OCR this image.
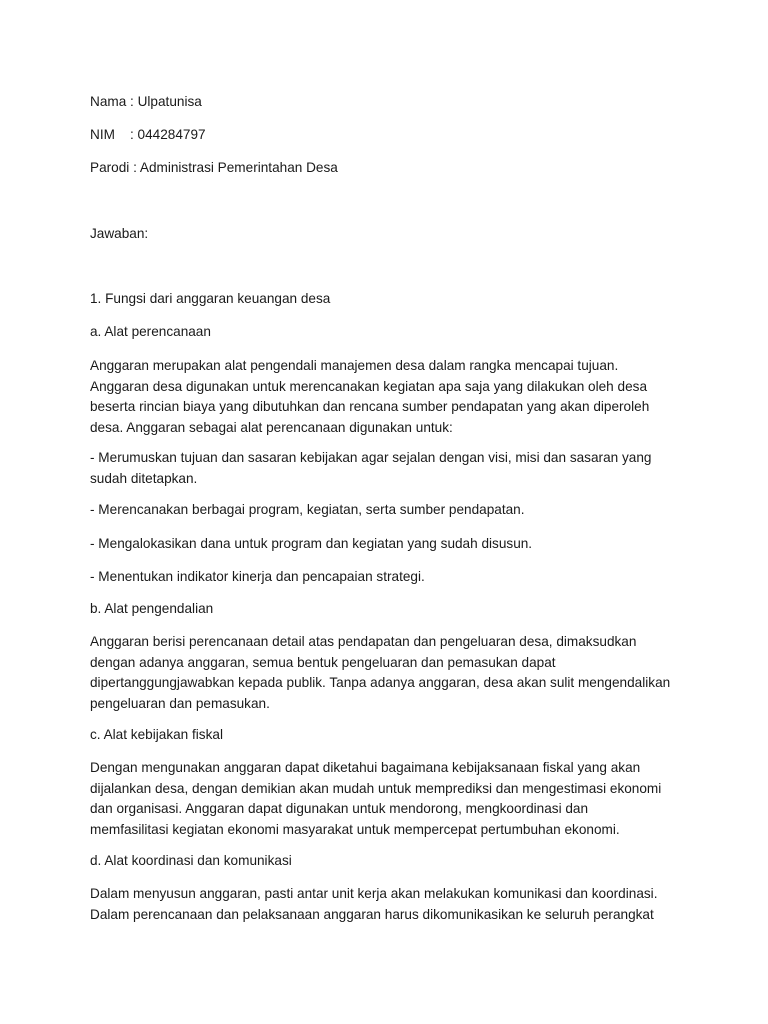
Nama : Ulpatunisa

NIM : 044284797

Parodi : Administrasi Pemerintahan Desa

Jawaban:

1. Fungsi dari anggaran keuangan desa

a. Alat perencanaan

Anggaran merupakan alat pengendali manajemen desa dalam rangka mencapai tujuan.
Anggaran desa digunakan untuk merencanakan kegiatan apa saja yang dilakukan oleh desa
beserta rincian biaya yang dibutuhkan dan rencana sumber pendapatan yang akan diperoleh
desa. Anggaran sebagai alat perencanaan digunakan untuk:
- Merumuskan tujuan dan sasaran kebijakan agar sejalan dengan visi, misi dan sasaran yang
sudah ditetapkan.

- Merencanakan berbagai program, kegiatan, serta sumber pendapatan.

- Mengalokasikan dana untuk program dan kegiatan yang sudah disusun.

- Menentukan indikator kinerja dan pencapaian strategi.

b. Alat pengendalian

Anggaran berisi perencanaan detail atas pendapatan dan pengeluaran desa, dimaksudkan
dengan adanya anggaran, semua bentuk pengeluaran dan pemasukan dapat
dipertanggungjawabkan kepada publik. Tanpa adanya anggaran, desa akan sulit mengendalikan
pengeluaran dan pemasukan.

c. Alat kebijakan fiskal

Dengan mengunakan anggaran dapat diketahui bagaimana kebijaksanaan fiskal yang akan
dijalankan desa, dengan demikian akan mudah untuk memprediksi dan mengestimasi ekonomi
dan organisasi. Anggaran dapat digunakan untuk mendorong, mengkoordinasi dan
memfasilitasi kegiatan ekonomi masyarakat untuk mempercepat pertumbuhan ekonomi.

d. Alat koordinasi dan komunikasi

Dalam menyusun anggaran, pasti antar unit kerja akan melakukan komunikasi dan koordinasi.
Dalam perencanaan dan pelaksanaan anggaran harus dikomunikasikan ke seluruh perangkat
